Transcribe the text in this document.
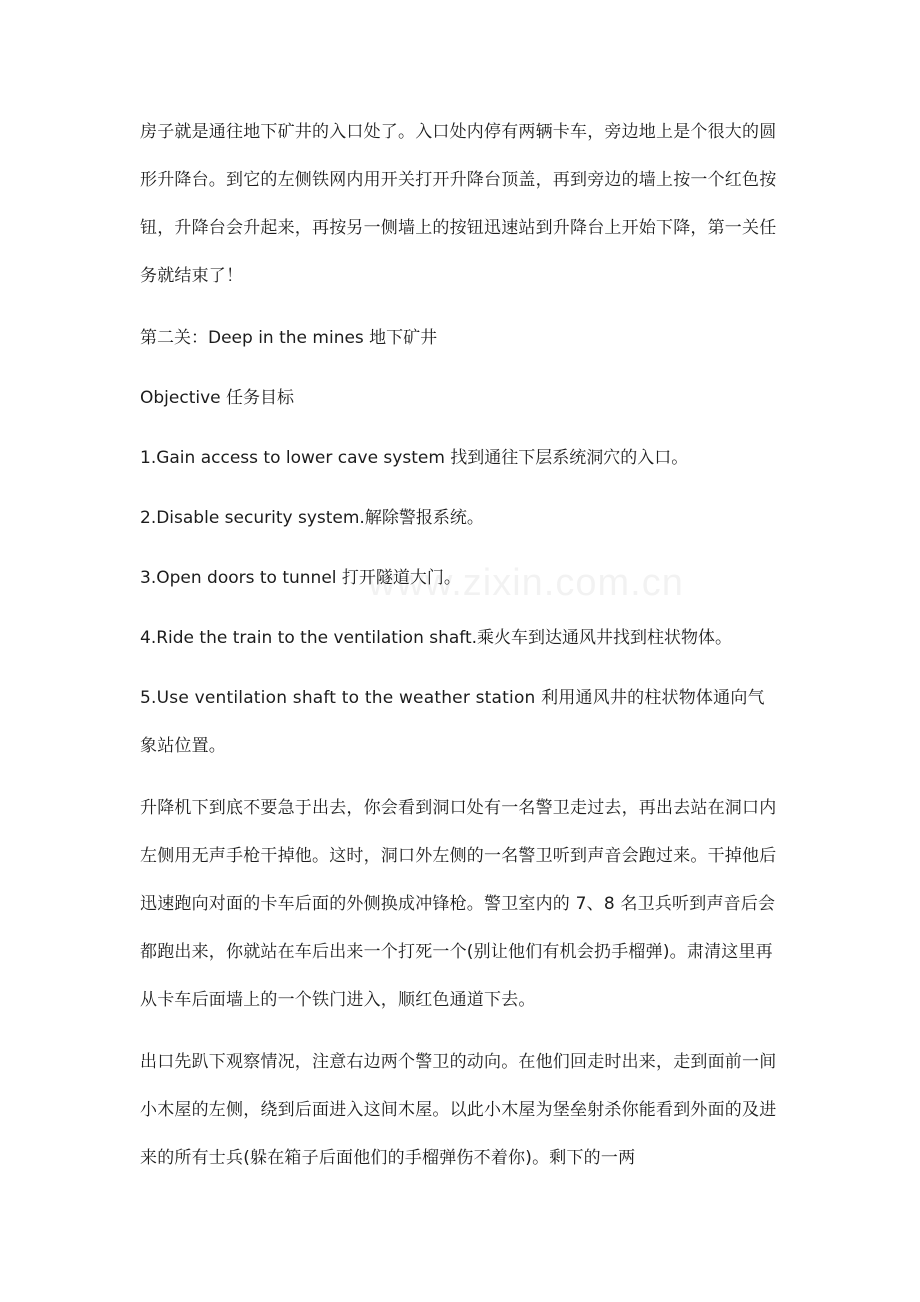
房子就是通往地下矿井的入口处了。入口处内停有两辆卡车，旁边地上是个很大的圆形升降台。到它的左侧铁网内用开关打开升降台顶盖，再到旁边的墙上按一个红色按钮，升降台会升起来，再按另一侧墙上的按钮迅速站到升降台上开始下降，第一关任务就结束了！

第二关：Deep in the mines 地下矿井

Objective 任务目标

1.Gain access to lower cave system 找到通往下层系统洞穴的入口。

2.Disable security system.解除警报系统。

3.Open doors to tunnel 打开隧道大门。

4.Ride the train to the ventilation shaft.乘火车到达通风井找到柱状物体。

5.Use ventilation shaft to the weather station 利用通风井的柱状物体通向气象站位置。

升降机下到底不要急于出去，你会看到洞口处有一名警卫走过去，再出去站在洞口内左侧用无声手枪干掉他。这时，洞口外左侧的一名警卫听到声音会跑过来。干掉他后迅速跑向对面的卡车后面的外侧换成冲锋枪。警卫室内的 7、8 名卫兵听到声音后会都跑出来，你就站在车后出来一个打死一个(别让他们有机会扔手榴弹)。肃清这里再从卡车后面墙上的一个铁门进入，顺红色通道下去。

出口先趴下观察情况，注意右边两个警卫的动向。在他们回走时出来，走到面前一间小木屋的左侧，绕到后面进入这间木屋。以此小木屋为堡垒射杀你能看到外面的及进来的所有士兵(躲在箱子后面他们的手榴弹伤不着你)。剩下的一两

www.zixin.com.cn
